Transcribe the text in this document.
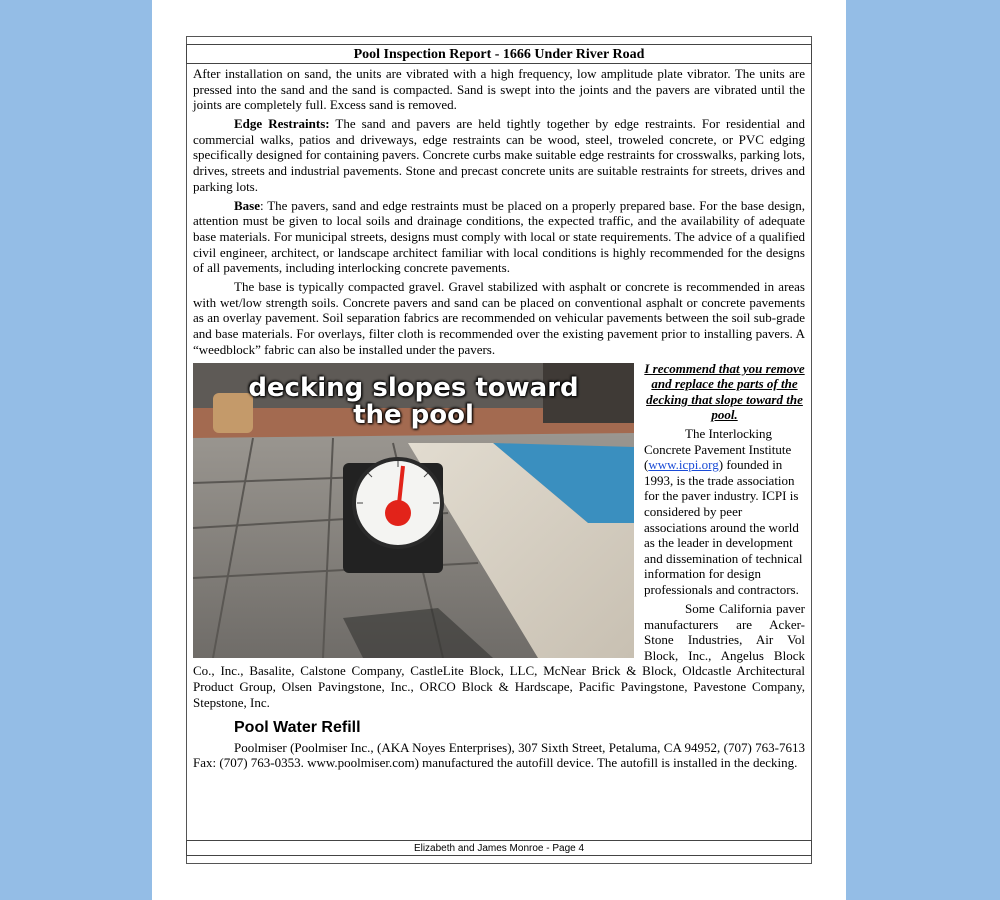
Pool Inspection Report - 1666 Under River Road

After installation on sand, the units are vibrated with a high frequency, low amplitude plate vibrator. The units are pressed into the sand and the sand is compacted. Sand is swept into the joints and the pavers are vibrated until the joints are completely full. Excess sand is removed.

Edge Restraints: The sand and pavers are held tightly together by edge restraints. For residential and commercial walks, patios and driveways, edge restraints can be wood, steel, troweled concrete, or PVC edging specifically designed for containing pavers. Concrete curbs make suitable edge restraints for crosswalks, parking lots, drives, streets and industrial pavements. Stone and precast concrete units are suitable restraints for streets, drives and parking lots.

Base: The pavers, sand and edge restraints must be placed on a properly prepared base. For the base design, attention must be given to local soils and drainage conditions, the expected traffic, and the availability of adequate base materials. For municipal streets, designs must comply with local or state requirements. The advice of a qualified civil engineer, architect, or landscape architect familiar with local conditions is highly recommended for the designs of all pavements, including interlocking concrete pavements.

The base is typically compacted gravel. Gravel stabilized with asphalt or concrete is recommended in areas with wet/low strength soils. Concrete pavers and sand can be placed on conventional asphalt or concrete pavements as an overlay pavement. Soil separation fabrics are recommended on vehicular pavements between the soil sub-grade and base materials. For overlays, filter cloth is recommended over the existing pavement prior to installing pavers. A “weedblock” fabric can also be installed under the pavers.

decking slopes toward
the pool

I recommend that you remove and replace the parts of the decking that slope toward the pool.

The Interlocking Concrete Pavement Institute (www.icpi.org) founded in 1993, is the trade association for the paver industry. ICPI is considered by peer associations around the world as the leader in development and dissemination of technical information for design professionals and contractors.

Some California paver manufacturers are Acker-Stone Industries, Air Vol Block, Inc., Angelus Block Co., Inc., Basalite, Calstone Company, CastleLite Block, LLC, McNear Brick & Block, Oldcastle Architectural Product Group, Olsen Pavingstone, Inc., ORCO Block & Hardscape, Pacific Pavingstone, Pavestone Company, Stepstone, Inc.

Pool Water Refill

Poolmiser (Poolmiser Inc., (AKA Noyes Enterprises), 307 Sixth Street, Petaluma, CA 94952, (707) 763-7613 Fax: (707) 763-0353. www.poolmiser.com) manufactured the autofill device. The autofill is installed in the decking.

Elizabeth and James Monroe - Page 4
